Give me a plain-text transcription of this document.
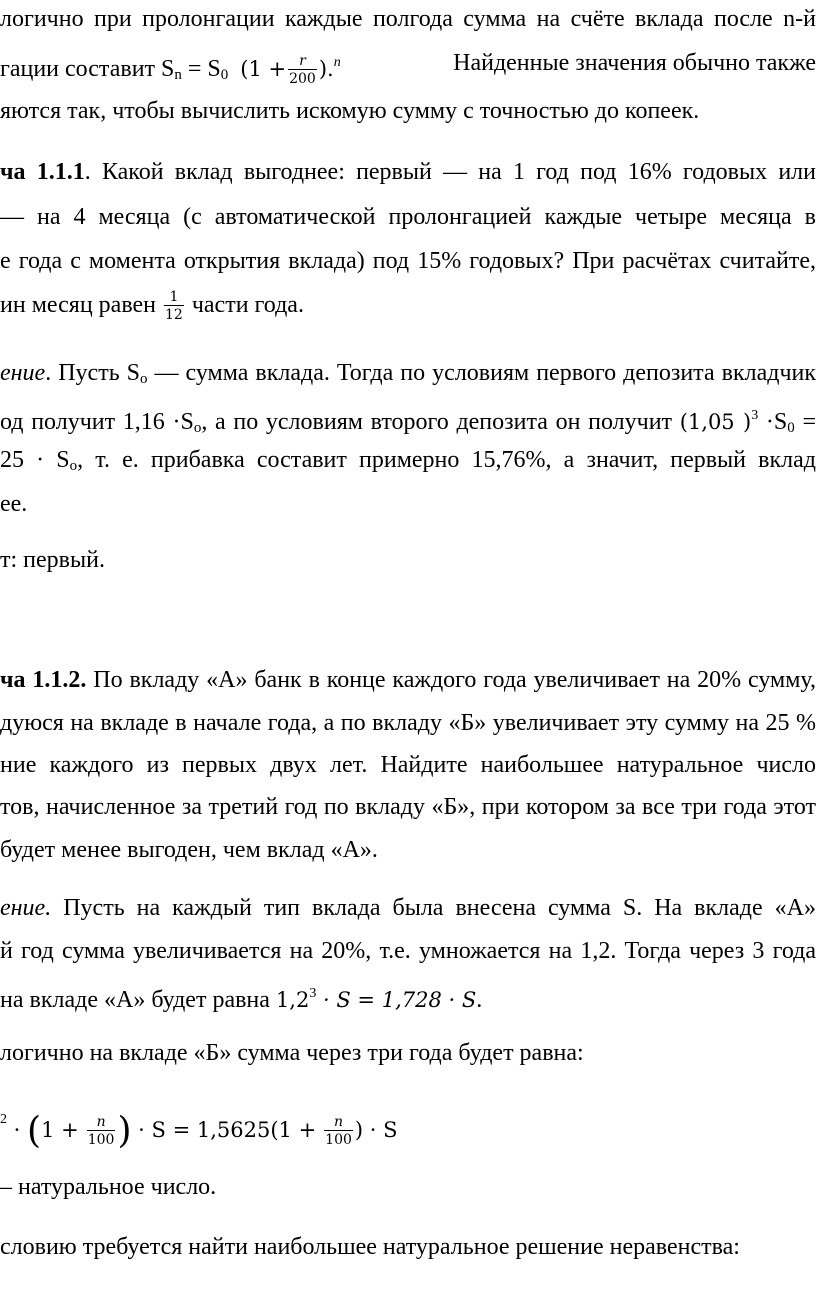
логично при пролонгации каждые полгода сумма на счёте вклада после n-й
гации составит $S_n = S_0$ $(1 + \frac{r}{200} ).^n$	Найденные значения обычно также
яются так, чтобы вычислить искомую сумму с точностью до копеек.
ча 1.1.1. Какой вклад выгоднее: первый — на 1 год под 16% годовых или
— на 4 месяца (с автоматической пролонгацией каждые четыре месяца в
е года с момента открытия вклада) под 15% годовых? При расчётах считайте,
ин месяц равен $\frac{1}{12}$ части года.
ение. Пусть $S_o$ — сумма вклада. Тогда по условиям первого депозита вкладчик
од получит $1,16 \cdot S_o$, а по условиям второго депозита он получит (1,05 )$^3 \cdot S_0$ =
$25 \cdot S_o$, т. е. прибавка составит примерно 15,76%, а значит, первый вклад
ее.
т: первый.
ча 1.1.2. По вкладу «А» банк в конце каждого года увеличивает на 20% сумму,
дуюся на вкладе в начале года, а по вкладу «Б» увеличивает эту сумму на 25 %
ние каждого из первых двух лет. Найдите наибольшее натуральное число
тов, начисленное за третий год по вкладу «Б», при котором за все три года этот
будет менее выгоден, чем вклад «А».
ение. Пусть на каждый тип вклада была внесена сумма S. На вкладе «А»
й год сумма увеличивается на 20%, т.е. умножается на 1,2. Тогда через 3 года
на вкладе «А» будет равна $1,2^3 \cdot S = 1,728 \cdot S$.
логично на вкладе «Б» сумма через три года будет равна:
$^2 \cdot (1 + \frac{n}{100}$ ) · $S = 1,5625(1 + \frac{n}{100}$ ) · S
– натуральное число.
словию требуется найти наибольшее натуральное решение неравенства:
